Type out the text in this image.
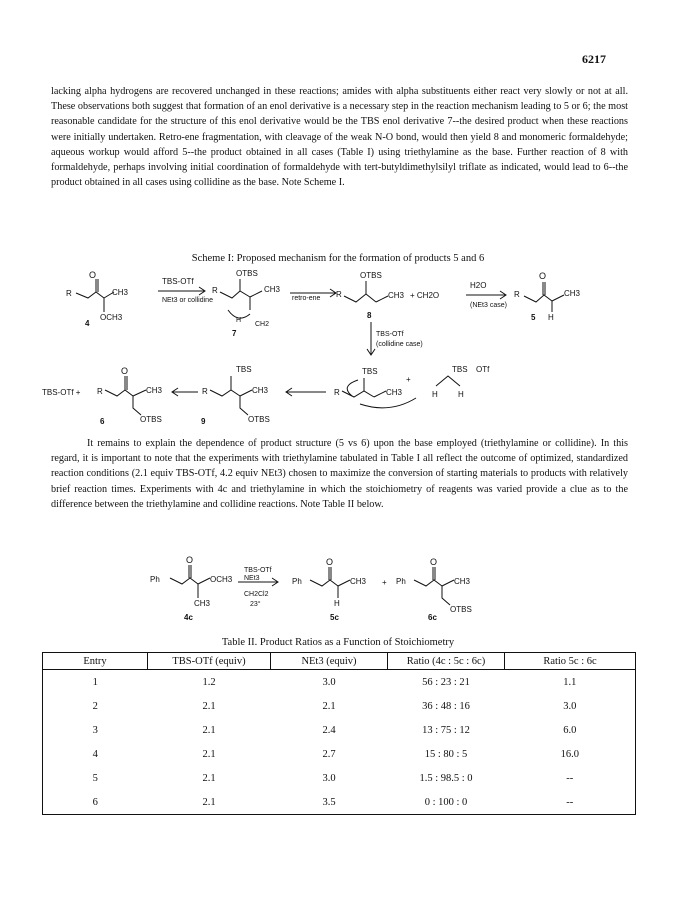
6217

lacking alpha hydrogens are recovered unchanged in these reactions; amides with alpha substituents either react very slowly or not at all. These observations both suggest that formation of an enol derivative is a necessary step in the reaction mechanism leading to 5 or 6; the most reasonable candidate for the structure of this enol derivative would be the TBS enol derivative 7--the desired product when these reactions were initially undertaken. Retro-ene fragmentation, with cleavage of the weak N-O bond, would then yield 8 and monomeric formaldehyde; aqueous workup would afford 5--the product obtained in all cases (Table I) using triethylamine as the base. Further reaction of 8 with formaldehyde, perhaps involving initial coordination of formaldehyde with tert-butyldimethylsilyl triflate as indicated, would lead to 6--the product obtained in all cases using collidine as the base. Note Scheme I.

Scheme I: Proposed mechanism for the formation of products 5 and 6
O
CH3
R
OCH3
4
TBS-OTf
NEt3 or collidine
R
OTBS
CH3
H
CH2
7
retro-ene R
OTBS
CH3
8
+ CH2O
H2O
(NEt3 case)
R
O
CH3
H
5
TBS-OTf
(collidine case)
TBS-OTf + R
O
CH3
OTBS
6
R
TBS
CH3
OTBS
9
R
TBS
CH3
+
H	H
TBS OTf

It remains to explain the dependence of product structure (5 vs 6) upon the base employed (triethylamine or collidine). In this regard, it is important to note that the experiments with triethylamine tabulated in Table I all reflect the outcome of optimized, standardized reaction conditions (2.1 equiv TBS-OTf, 4.2 equiv NEt3) chosen to maximize the conversion of starting materials to products with relatively brief reaction times. Experiments with 4c and triethylamine in which the stoichiometry of reagents was varied provide a clue as to the difference between the triethylamine and collidine reactions. Note Table II below.

Ph
O
OCH3
CH3
TBS-OTf
NEt3
CH2Cl2
23°
4c
Ph
O
CH3
H
5c
+ Ph
O
CH3
OTBS
6c
Table II. Product Ratios as a Function of Stoichiometry
Entry	TBS-OTf (equiv)	NEt3 (equiv)	Ratio (4c : 5c : 6c)	Ratio 5c : 6c
1	1.2	3.0	56 : 23 : 21	1.1
2	2.1	2.1	36 : 48 : 16	3.0
3	2.1	2.4	13 : 75 : 12	6.0
4	2.1	2.7	15 : 80 : 5	16.0
5	2.1	3.0	1.5 : 98.5 : 0	--
6	2.1	3.5	0 : 100 : 0	--
